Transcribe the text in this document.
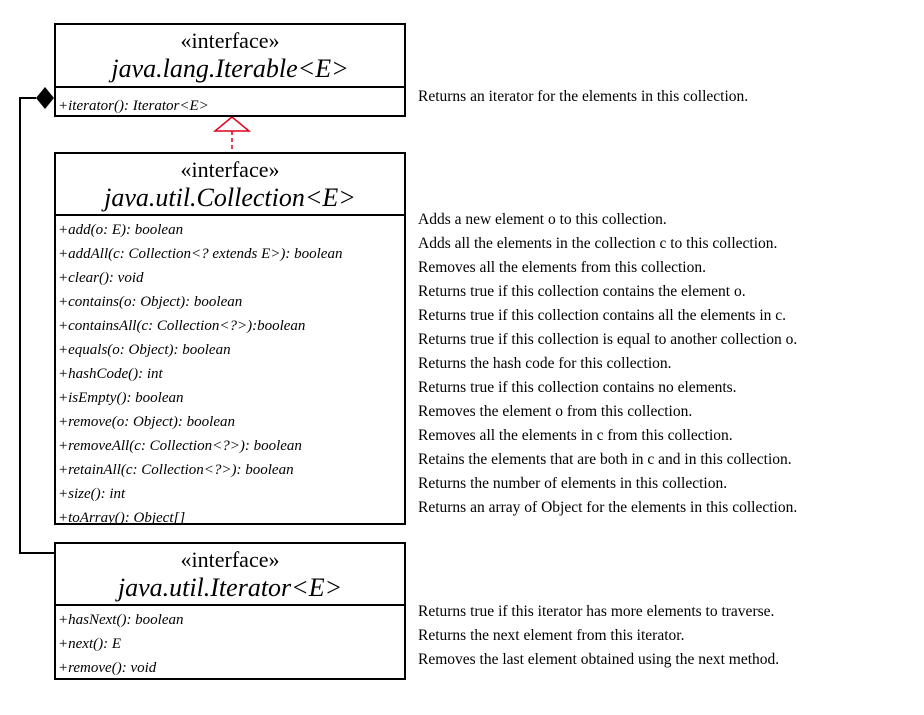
«interface»
java.lang.Iterable<E>
+iterator(): Iterator<E>
Returns an iterator for the elements in this collection.
«interface»
java.util.Collection<E>
+add(o: E): boolean
+addAll(c: Collection<? extends E>): boolean
+clear(): void
+contains(o: Object): boolean
+containsAll(c: Collection<?>):boolean
+equals(o: Object): boolean
+hashCode(): int
+isEmpty(): boolean
+remove(o: Object): boolean
+removeAll(c: Collection<?>): boolean
+retainAll(c: Collection<?>): boolean
+size(): int
+toArray(): Object[]
Adds a new element o to this collection.
Adds all the elements in the collection c to this collection.
Removes all the elements from this collection.
Returns true if this collection contains the element o.
Returns true if this collection contains all the elements in c.
Returns true if this collection is equal to another collection o.
Returns the hash code for this collection.
Returns true if this collection contains no elements.
Removes the element o from this collection.
Removes all the elements in c from this collection.
Retains the elements that are both in c and in this collection.
Returns the number of elements in this collection.
Returns an array of Object for the elements in this collection.
«interface»
java.util.Iterator<E>
+hasNext(): boolean
+next(): E
+remove(): void
Returns true if this iterator has more elements to traverse.
Returns the next element from this iterator.
Removes the last element obtained using the next method.
